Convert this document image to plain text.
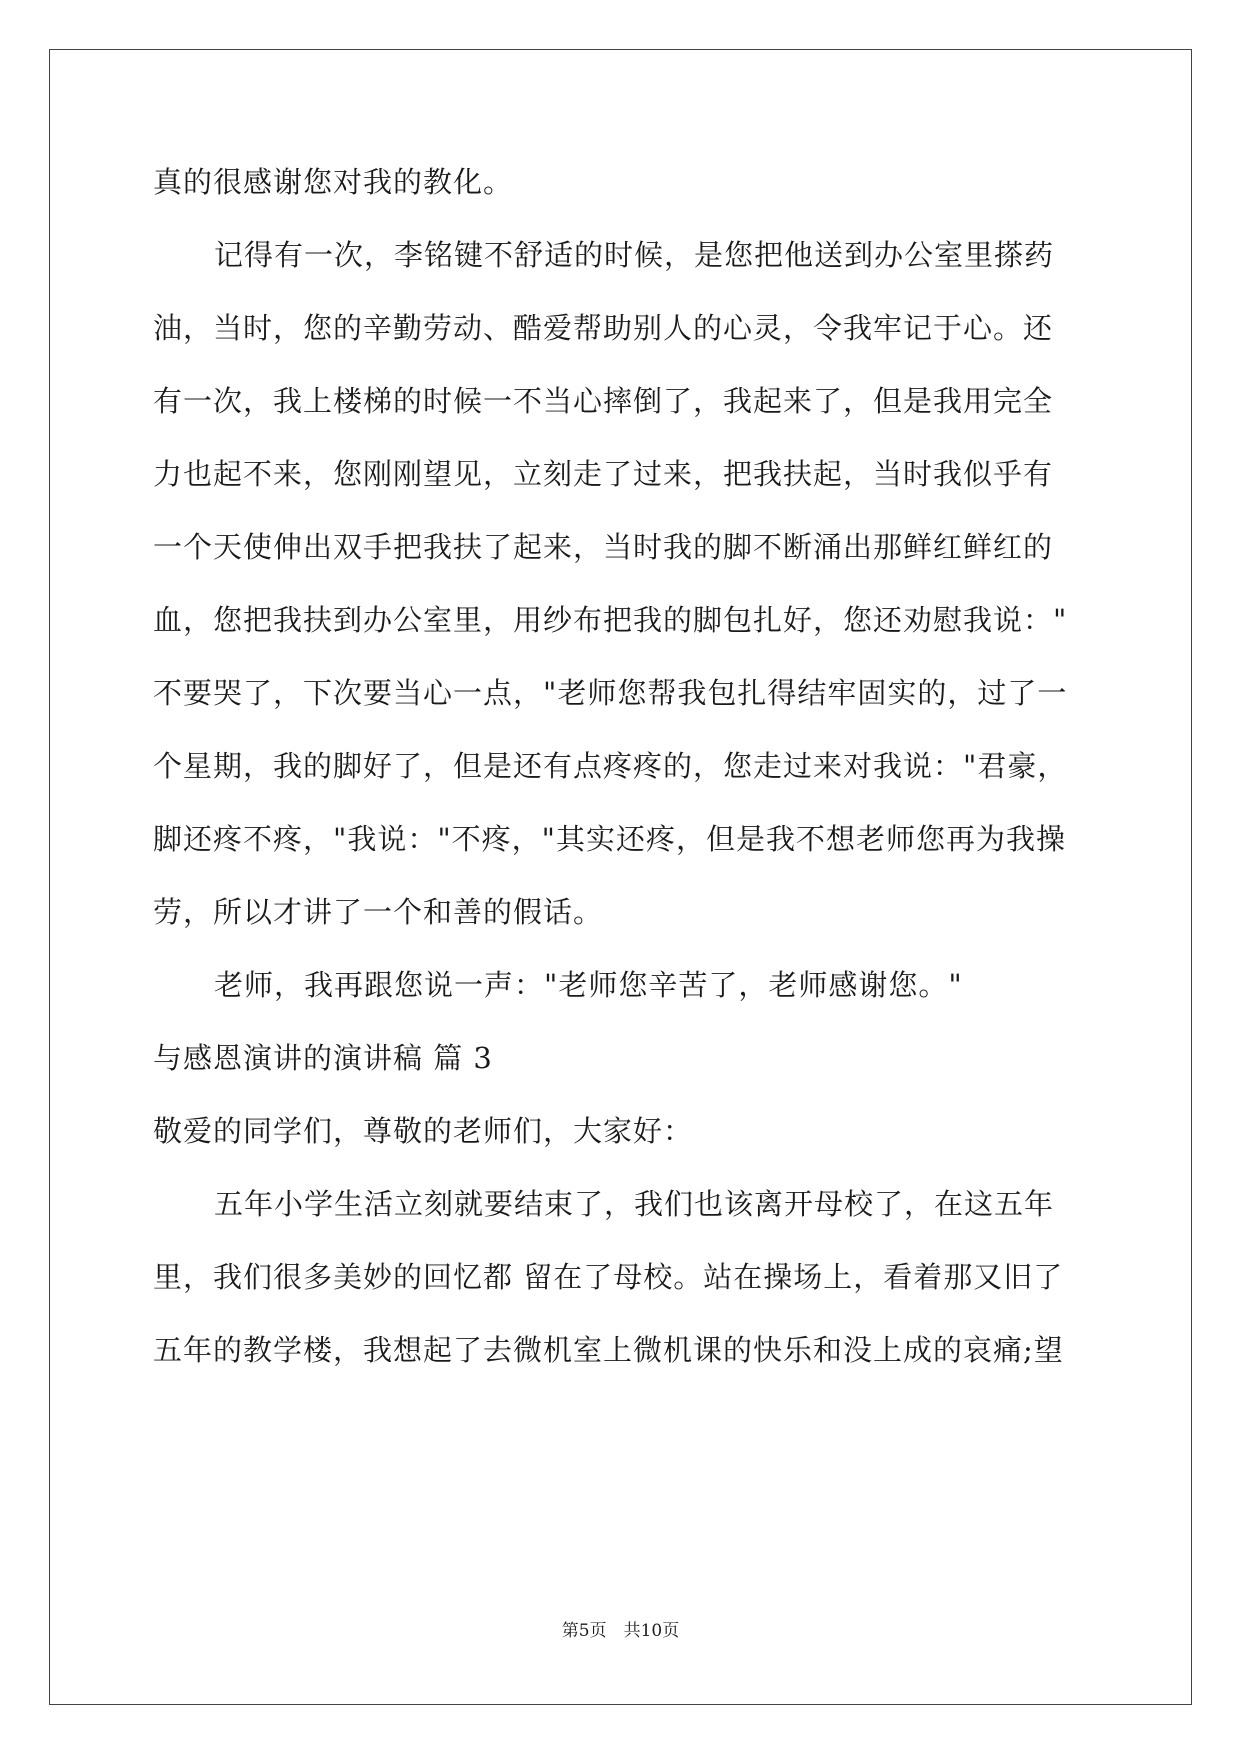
真的很感谢您对我的教化。
记得有一次，李铭键不舒适的时候，是您把他送到办公室里搽药
油，当时，您的辛勤劳动、酷爱帮助别人的心灵，令我牢记于心。还
有一次，我上楼梯的时候一不当心摔倒了，我起来了，但是我用完全
力也起不来，您刚刚望见，立刻走了过来，把我扶起，当时我似乎有
一个天使伸出双手把我扶了起来，当时我的脚不断涌出那鲜红鲜红的
血，您把我扶到办公室里，用纱布把我的脚包扎好，您还劝慰我说："
不要哭了，下次要当心一点，"老师您帮我包扎得结牢固实的，过了一
个星期，我的脚好了，但是还有点疼疼的，您走过来对我说："君豪，
脚还疼不疼，"我说："不疼，"其实还疼，但是我不想老师您再为我操
劳，所以才讲了一个和善的假话。
老师，我再跟您说一声："老师您辛苦了，老师感谢您。"
与感恩演讲的演讲稿 篇 3
敬爱的同学们，尊敬的老师们，大家好：
五年小学生活立刻就要结束了，我们也该离开母校了，在这五年
里，我们很多美妙的回忆都 留在了母校。站在操场上，看着那又旧了
五年的教学楼，我想起了去微机室上微机课的快乐和没上成的哀痛;望
第5页　共10页
